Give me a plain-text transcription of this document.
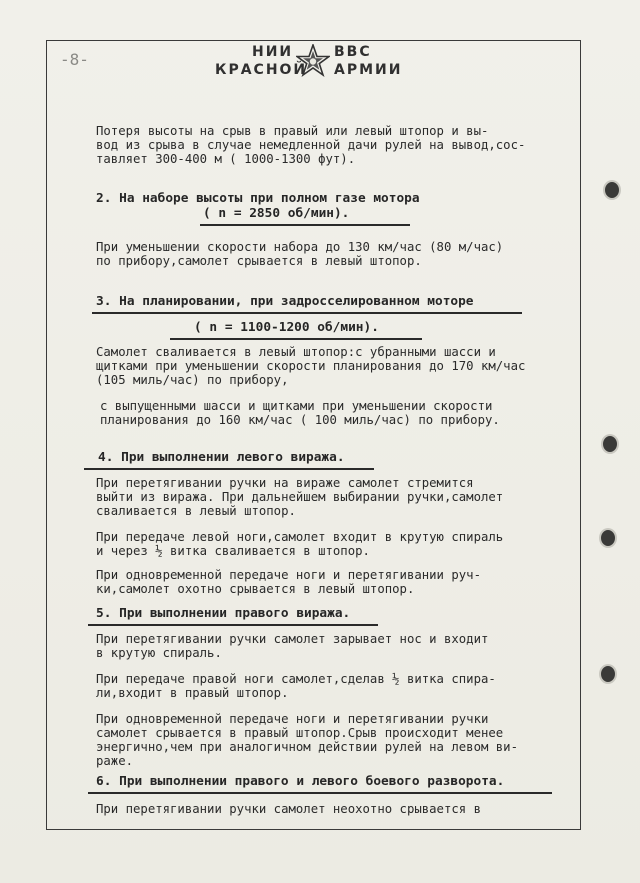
-8-	НИИ	ВВС
КРАСНОЙ АРМИИ

Потеря высоты на срыв в правый или левый штопор и вы-
вод из срыва в случае немедленной дачи рулей на вывод,сос-
тавляет 300-400 м ( 1000-1300 фут).

2. На наборе высоты при полном газе мотора

( n = 2850 об/мин).

При уменьшении скорости набора до 130 км/час (80 м/час)
по прибору,самолет срывается в левый штопор.

3. На планировании, при задросселированном моторе

( n = 1100-1200 об/мин).

Самолет сваливается в левый штопор:с убранными шасси и
щитками при уменьшении скорости планирования до 170 км/час
(105 миль/час) по прибору,

с выпущенными шасси и щитками при уменьшении скорости
планирования до 160 км/час ( 100 миль/час) по прибору.

4. При выполнении левого виража.

При перетягивании ручки на вираже самолет стремится
выйти из виража. При дальнейшем выбирании ручки,самолет
сваливается в левый штопор.

При передаче левой ноги,самолет входит в крутую спираль
и через ½ витка сваливается в штопор.

При одновременной передаче ноги и перетягивании руч-
ки,самолет охотно срывается в левый штопор.

5. При выполнении правого виража.

При перетягивании ручки самолет зарывает нос и входит
в крутую спираль.

При передаче правой ноги самолет,сделав ½ витка спира-
ли,входит в правый штопор.

При одновременной передаче ноги и перетягивании ручки
самолет срывается в правый штопор.Срыв происходит менее
энергично,чем при аналогичном действии рулей на левом ви-
раже.

6. При выполнении правого и левого боевого разворота.

При перетягивании ручки самолет неохотно срывается в
